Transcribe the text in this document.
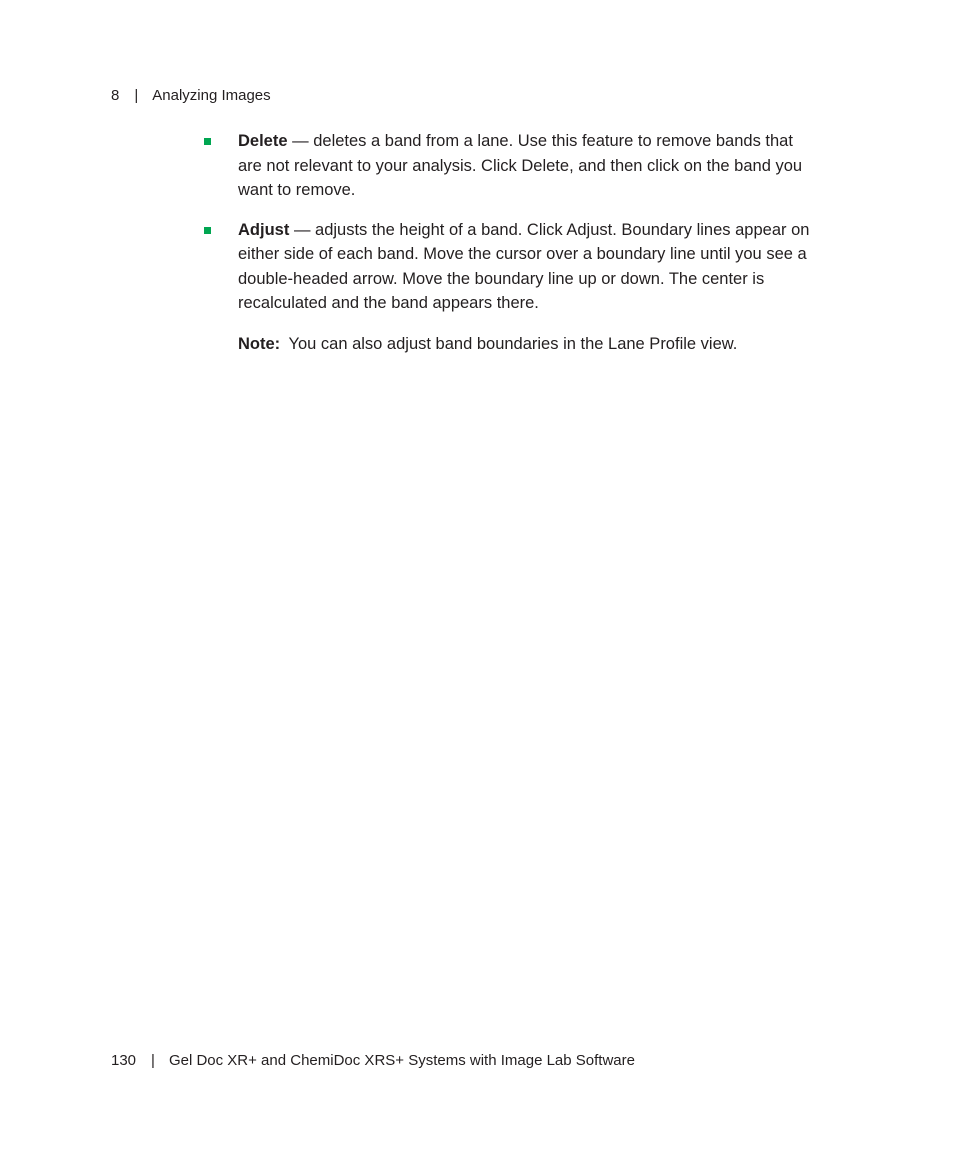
8 | Analyzing Images
Delete — deletes a band from a lane. Use this feature to remove bands that are not relevant to your analysis. Click Delete, and then click on the band you want to remove.
Adjust — adjusts the height of a band. Click Adjust. Boundary lines appear on either side of each band. Move the cursor over a boundary line until you see a double-headed arrow. Move the boundary line up or down. The center is recalculated and the band appears there.
Note: You can also adjust band boundaries in the Lane Profile view.
130 | Gel Doc XR+ and ChemiDoc XRS+ Systems with Image Lab Software
